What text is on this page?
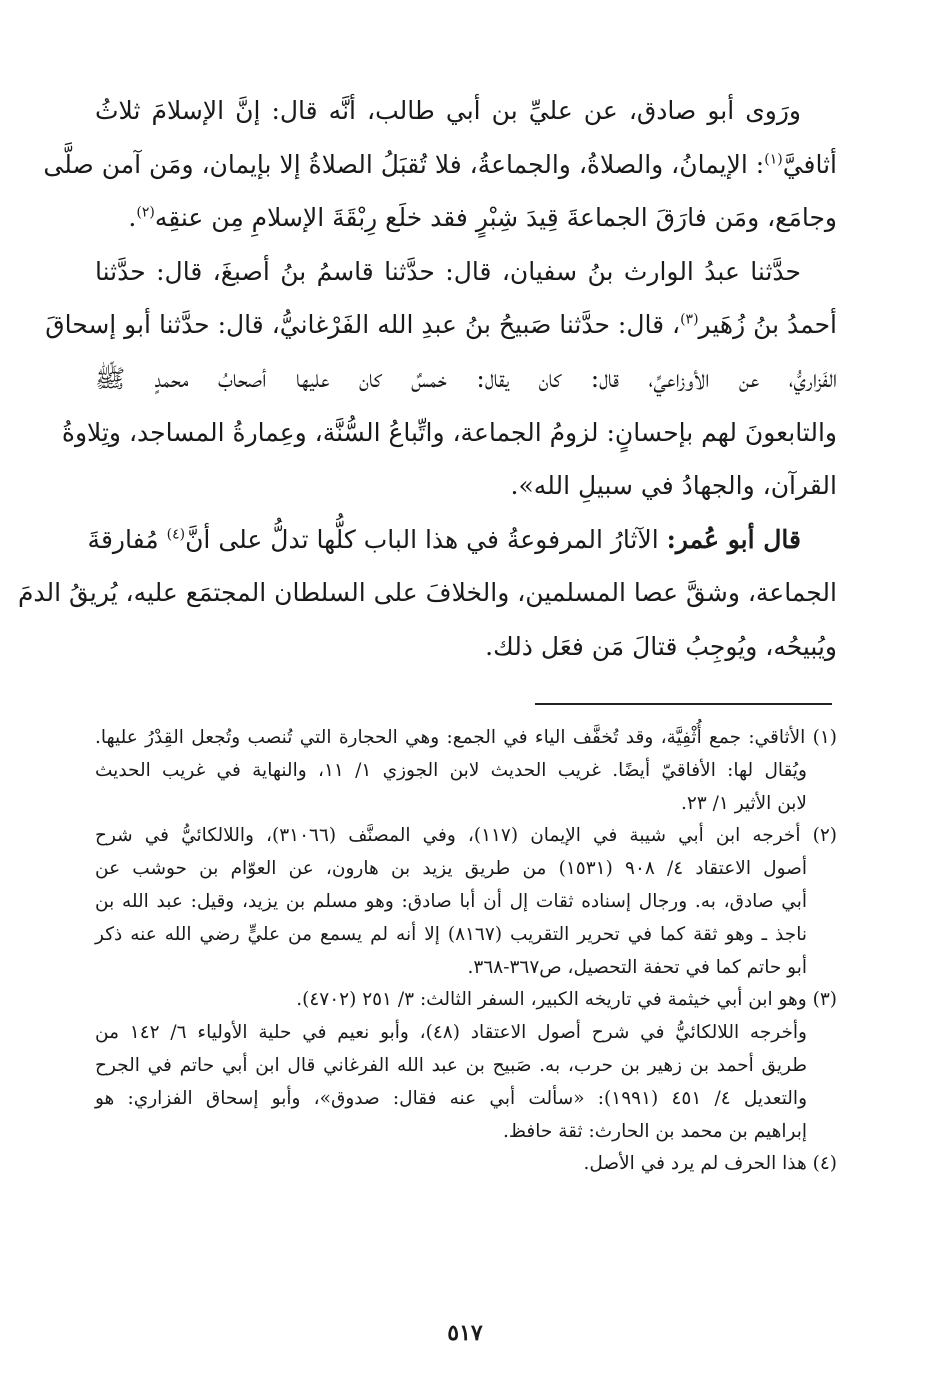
ورَوى أبو صادق، عن عليِّ بن أبي طالب، أنَّه قال: إنَّ الإسلامَ ثلاثُ
أثافيَّ$^{(١)}$: الإيمانُ، والصلاةُ، والجماعةُ، فلا تُقبَلُ الصلاةُ إلا بإيمان، ومَن آمن صلَّى
وجامَع، ومَن فارَقَ الجماعةَ قِيدَ شِبْرٍ فقد خلَع رِبْقَةَ الإسلامِ مِن عنقِه$^{(٢)}$.
حدَّثنا عبدُ الوارث بنُ سفيان، قال: حدَّثنا قاسمُ بنُ أصبغَ، قال: حدَّثنا
أحمدُ بنُ زُهَير$^{(٣)}$، قال: حدَّثنا صَبيحُ بنُ عبدِ الله الفَرْغانيُّ، قال: حدَّثنا أبو إسحاقَ
الفَزاريُّ، عن الأوزاعيِّ، قال: كان يقال: خمسٌ كان عليها أصحابُ محمدٍ ﷺ
والتابعونَ لهم بإحسانٍ: لزومُ الجماعة، واتِّباعُ السُّنَّة، وعِمارةُ المساجد، وتِلاوةُ
القرآن، والجهادُ في سبيلِ الله».
قال أبو عُمر: الآثارُ المرفوعةُ في هذا الباب كلُّها تدلُّ على أنَّ$^{(٤)}$ مُفارقةَ
الجماعة، وشقَّ عصا المسلمين، والخلافَ على السلطان المجتمَع عليه، يُريقُ الدمَ
ويُبيحُه، ويُوجِبُ قتالَ مَن فعَل ذلك.
(١) الأثاقي: جمع أُثْفِيَّة، وقد تُخفَّف الياء في الجمع: وهي الحجارة التي تُنصب وتُجعل القِدْرُ عليها.
ويُقال لها: الأفاقيّ أيضًا. غريب الحديث لابن الجوزي ١/ ١١، والنهاية في غريب الحديث
لابن الأثير ١/ ٢٣.
(٢) أخرجه ابن أبي شيبة في الإيمان (١١٧)، وفي المصنَّف (٣١٠٦٦)، واللالكائيُّ في شرح
أصول الاعتقاد ٤/ ٩٠٨ (١٥٣١) من طريق يزيد بن هارون، عن العوّام بن حوشب عن
أبي صادق، به. ورجال إسناده ثقات إل أن أبا صادق: وهو مسلم بن يزيد، وقيل: عبد الله بن
ناجذ ـ وهو ثقة كما في تحرير التقريب (٨١٦٧) إلا أنه لم يسمع من عليٍّ رضي الله عنه ذكر
أبو حاتم كما في تحفة التحصيل، ص٣٦٧-٣٦٨.
(٣) وهو ابن أبي خيثمة في تاريخه الكبير، السفر الثالث: ٣/ ٢٥١ (٤٧٠٢).
وأخرجه اللالكائيُّ في شرح أصول الاعتقاد (٤٨)، وأبو نعيم في حلية الأولياء ٦/ ١٤٢ من
طريق أحمد بن زهير بن حرب، به. صَبيح بن عبد الله الفرغاني قال ابن أبي حاتم في الجرح
والتعديل ٤/ ٤٥١ (١٩٩١): «سألت أبي عنه فقال: صدوق»، وأبو إسحاق الفزاري: هو
إبراهيم بن محمد بن الحارث: ثقة حافظ.
(٤) هذا الحرف لم يرد في الأصل.
٥١٧
